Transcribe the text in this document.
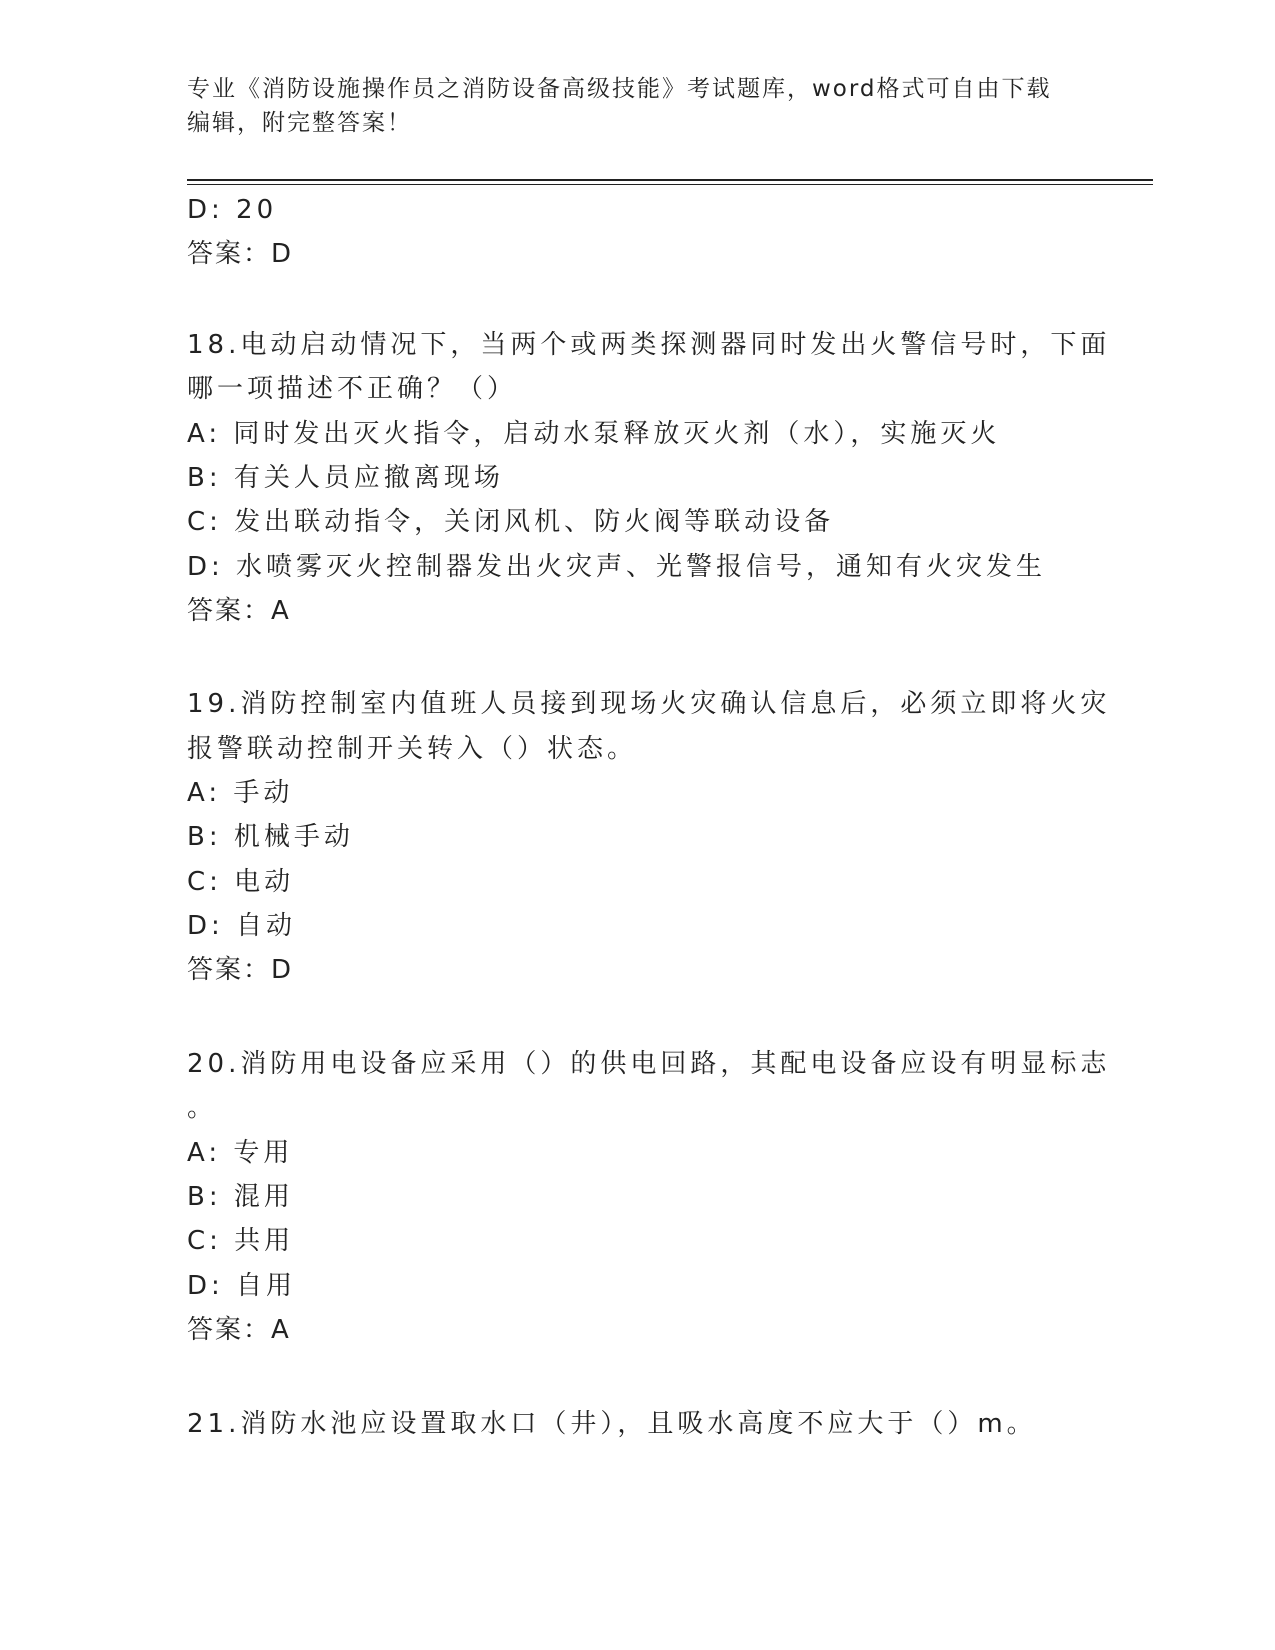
专业《消防设施操作员之消防设备高级技能》考试题库，word格式可自由下载编辑，附完整答案！
D: 20
答案：D
18.电动启动情况下，当两个或两类探测器同时发出火警信号时，下面
哪一项描述不正确？（）
A: 同时发出灭火指令，启动水泵释放灭火剂（水），实施灭火
B: 有关人员应撤离现场
C: 发出联动指令，关闭风机、防火阀等联动设备
D: 水喷雾灭火控制器发出火灾声、光警报信号，通知有火灾发生
答案：A
19.消防控制室内值班人员接到现场火灾确认信息后，必须立即将火灾
报警联动控制开关转入（）状态。
A: 手动
B: 机械手动
C: 电动
D: 自动
答案：D
20.消防用电设备应采用（）的供电回路，其配电设备应设有明显标志
。
A: 专用
B: 混用
C: 共用
D: 自用
答案：A
21.消防水池应设置取水口（井），且吸水高度不应大于（）m。
